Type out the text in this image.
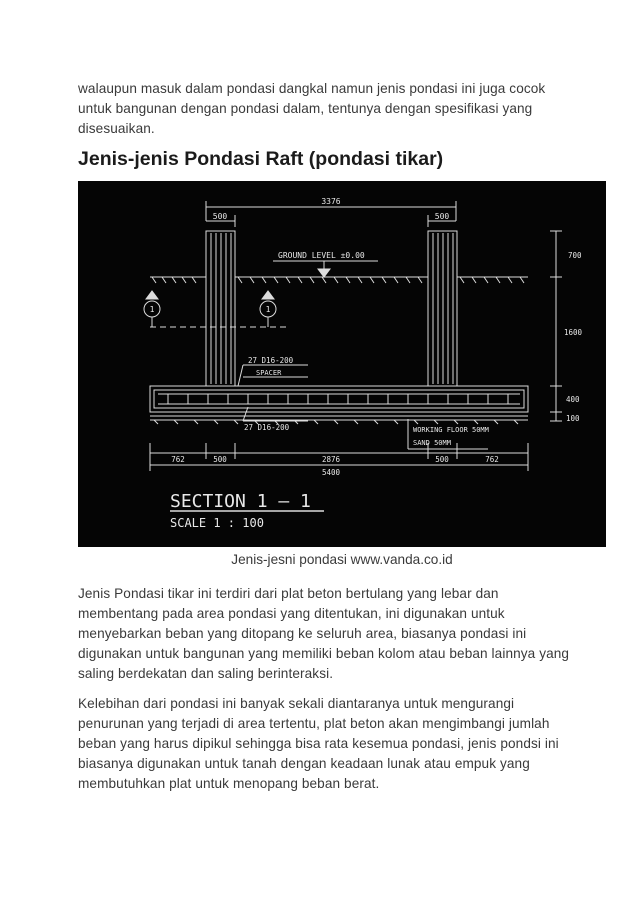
walaupun masuk dalam pondasi dangkal namun jenis pondasi ini juga cocok untuk bangunan dengan pondasi dalam, tentunya dengan spesifikasi yang disesuaikan.

Jenis-jenis Pondasi Raft (pondasi tikar)
3376
500	500
GROUND LEVEL ±0.00
1	1
27 D16-200
SPACER
27 D16-200	WORKING FLOOR 50MM
SAND 50MM
762	500	2876	500	762
5400
700
1600
400
100
SECTION 1 — 1
SCALE 1 : 100
Jenis-jesni pondasi www.vanda.co.id

Jenis Pondasi tikar ini terdiri dari plat beton bertulang yang lebar dan membentang pada area pondasi yang ditentukan, ini digunakan untuk menyebarkan beban yang ditopang ke seluruh area, biasanya pondasi ini digunakan untuk bangunan yang memiliki beban kolom atau beban lainnya yang saling berdekatan dan saling berinteraksi.

Kelebihan dari pondasi ini banyak sekali diantaranya untuk mengurangi penurunan yang terjadi di area tertentu, plat beton akan mengimbangi jumlah beban yang harus dipikul sehingga bisa rata kesemua pondasi, jenis pondsi ini biasanya digunakan untuk tanah dengan keadaan lunak atau empuk yang membutuhkan plat untuk menopang beban berat.
